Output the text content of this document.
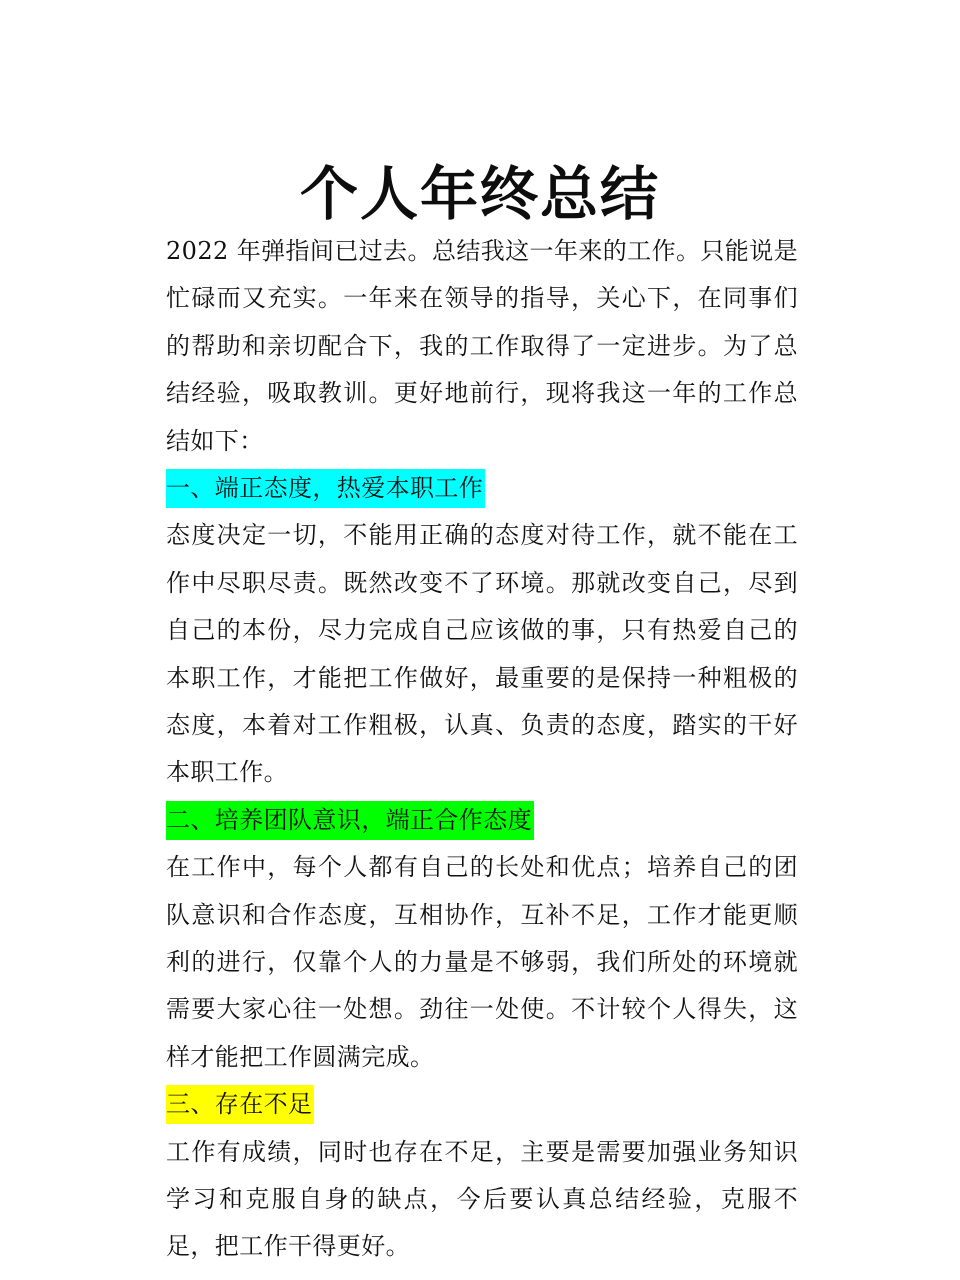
个人年终总结

2022 年弹指间已过去。总结我这一年来的工作。只能说是忙碌而又充实。一年来在领导的指导，关心下，在同事们的帮助和亲切配合下，我的工作取得了一定进步。为了总结经验，吸取教训。更好地前行，现将我这一年的工作总结如下：

一、端正态度，热爱本职工作

态度决定一切，不能用正确的态度对待工作，就不能在工作中尽职尽责。既然改变不了环境。那就改变自己，尽到自己的本份，尽力完成自己应该做的事，只有热爱自己的本职工作，才能把工作做好，最重要的是保持一种粗极的态度，本着对工作粗极，认真、负责的态度，踏实的干好本职工作。

二、培养团队意识，端正合作态度

在工作中，每个人都有自己的长处和优点；培养自己的团队意识和合作态度，互相协作，互补不足，工作才能更顺利的进行，仅靠个人的力量是不够弱，我们所处的环境就需要大家心往一处想。劲往一处使。不计较个人得失，这样才能把工作圆满完成。

三、存在不足

工作有成绩，同时也存在不足，主要是需要加强业务知识学习和克服自身的缺点，今后要认真总结经验，克服不足，把工作干得更好。
